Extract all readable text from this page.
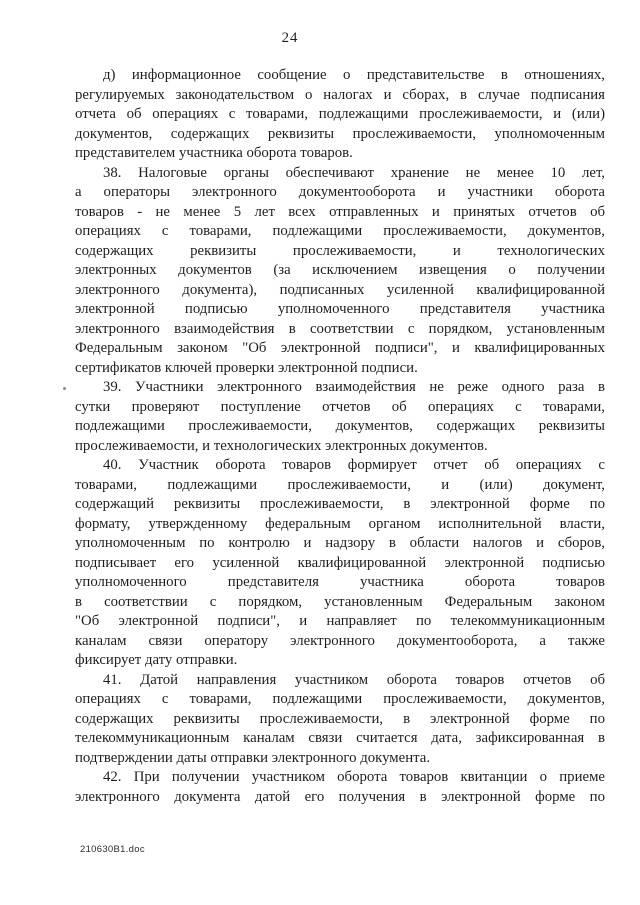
24
д) информационное сообщение о представительстве в отношениях,
регулируемых законодательством о налогах и сборах, в случае подписания
отчета об операциях с товарами, подлежащими прослеживаемости, и (или)
документов, содержащих реквизиты прослеживаемости, уполномоченным
представителем участника оборота товаров.
38. Налоговые органы обеспечивают хранение не менее 10 лет,
а операторы электронного документооборота и участники оборота
товаров - не менее 5 лет всех отправленных и принятых отчетов об
операциях с товарами, подлежащими прослеживаемости, документов,
содержащих реквизиты прослеживаемости, и технологических
электронных документов (за исключением извещения о получении
электронного документа), подписанных усиленной квалифицированной
электронной подписью уполномоченного представителя участника
электронного взаимодействия в соответствии с порядком, установленным
Федеральным законом "Об электронной подписи", и квалифицированных
сертификатов ключей проверки электронной подписи.
39. Участники электронного взаимодействия не реже одного раза в
сутки проверяют поступление отчетов об операциях с товарами,
подлежащими прослеживаемости, документов, содержащих реквизиты
прослеживаемости, и технологических электронных документов.
40. Участник оборота товаров формирует отчет об операциях с
товарами, подлежащими прослеживаемости, и (или) документ,
содержащий реквизиты прослеживаемости, в электронной форме по
формату, утвержденному федеральным органом исполнительной власти,
уполномоченным по контролю и надзору в области налогов и сборов,
подписывает его усиленной квалифицированной электронной подписью
уполномоченного представителя участника оборота товаров
в соответствии с порядком, установленным Федеральным законом
"Об электронной подписи", и направляет по телекоммуникационным
каналам связи оператору электронного документооборота, а также
фиксирует дату отправки.
41. Датой направления участником оборота товаров отчетов об
операциях с товарами, подлежащими прослеживаемости, документов,
содержащих реквизиты прослеживаемости, в электронной форме по
телекоммуникационным каналам связи считается дата, зафиксированная в
подтверждении даты отправки электронного документа.
42. При получении участником оборота товаров квитанции о приеме
электронного документа датой его получения в электронной форме по
210630B1.doc
